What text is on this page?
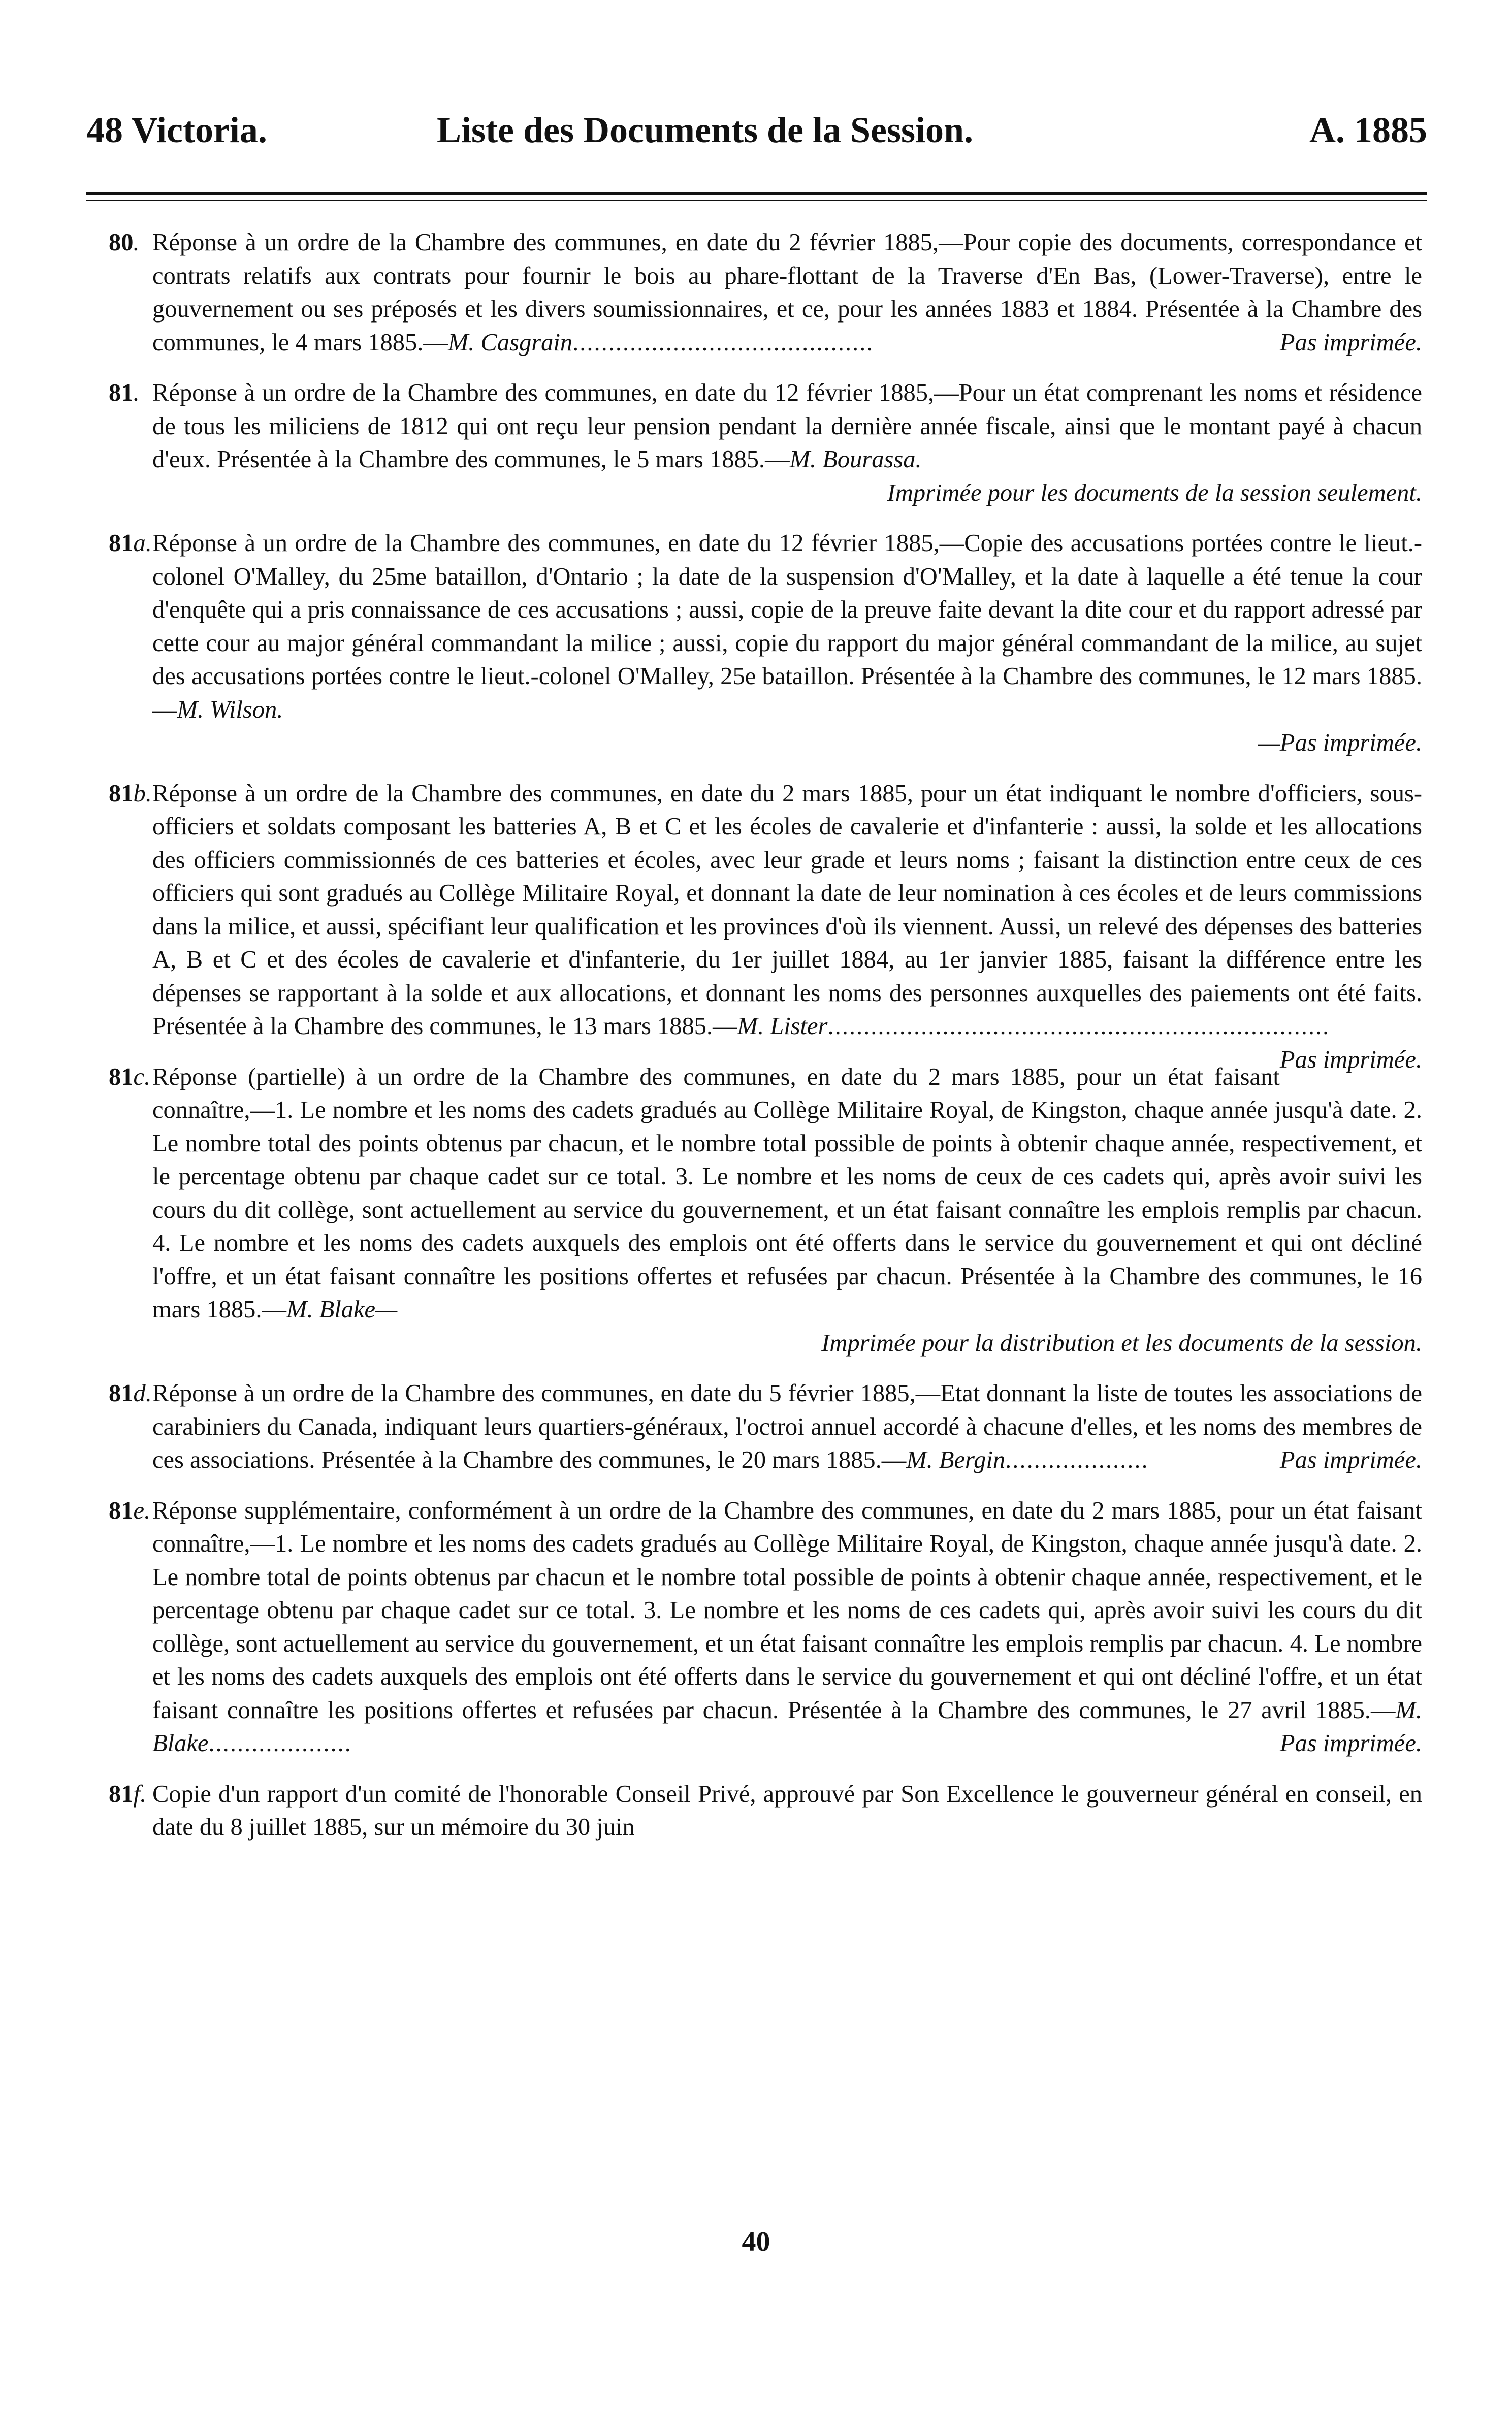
48 Victoria.	Liste des Documents de la Session.	A. 1885
80. Réponse à un ordre de la Chambre des communes, en date du 2 février 1885,—Pour copie des documents, correspondance et contrats relatifs aux contrats pour fournir le bois au phare-flottant de la Traverse d'En Bas, (Lower-Traverse), entre le gouvernement ou ses préposés et les divers soumissionnaires, et ce, pour les années 1883 et 1884. Présentée à la Chambre des communes, le 4 mars 1885.—M. Casgrain..........................................	Pas imprimée.
81. Réponse à un ordre de la Chambre des communes, en date du 12 février 1885,—Pour un état comprenant les noms et résidence de tous les miliciens de 1812 qui ont reçu leur pension pendant la dernière année fiscale, ainsi que le montant payé à chacun d'eux. Présentée à la Chambre des communes, le 5 mars 1885.—M. Bourassa.
Imprimée pour les documents de la session seulement.
81a. Réponse à un ordre de la Chambre des communes, en date du 12 février 1885,—Copie des accusations portées contre le lieut.-colonel O'Malley, du 25me bataillon, d'Ontario ; la date de la suspension d'O'Malley, et la date à laquelle a été tenue la cour d'enquête qui a pris connaissance de ces accusations ; aussi, copie de la preuve faite devant la dite cour et du rapport adressé par cette cour au major général commandant la milice ; aussi, copie du rapport du major général commandant de la milice, au sujet des accusations portées contre le lieut.-colonel O'Malley, 25e bataillon. Présentée à la Chambre des communes, le 12 mars 1885.—M. Wilson.
—Pas imprimée.
81b. Réponse à un ordre de la Chambre des communes, en date du 2 mars 1885, pour un état indiquant le nombre d'officiers, sous-officiers et soldats composant les batteries A, B et C et les écoles de cavalerie et d'infanterie : aussi, la solde et les allocations des officiers commissionnés de ces batteries et écoles, avec leur grade et leurs noms ; faisant la distinction entre ceux de ces officiers qui sont gradués au Collège Militaire Royal, et donnant la date de leur nomination à ces écoles et de leurs commissions dans la milice, et aussi, spécifiant leur qualification et les provinces d'où ils viennent. Aussi, un relevé des dépenses des batteries A, B et C et des écoles de cavalerie et d'infanterie, du 1er juillet 1884, au 1er janvier 1885, faisant la différence entre les dépenses se rapportant à la solde et aux allocations, et donnant les noms des personnes auxquelles des paiements ont été faits. Présentée à la Chambre des communes, le 13 mars 1885.—M. Lister......................................................................
Pas imprimée.
81c. Réponse (partielle) à un ordre de la Chambre des communes, en date du 2 mars 1885, pour un état faisant connaître,—1. Le nombre et les noms des cadets gradués au Collège Militaire Royal, de Kingston, chaque année jusqu'à date. 2. Le nombre total des points obtenus par chacun, et le nombre total possible de points à obtenir chaque année, respectivement, et le percentage obtenu par chaque cadet sur ce total. 3. Le nombre et les noms de ceux de ces cadets qui, après avoir suivi les cours du dit collège, sont actuellement au service du gouvernement, et un état faisant connaître les emplois remplis par chacun. 4. Le nombre et les noms des cadets auxquels des emplois ont été offerts dans le service du gouvernement et qui ont décliné l'offre, et un état faisant connaître les positions offertes et refusées par chacun. Présentée à la Chambre des communes, le 16 mars 1885.—M. Blake—
Imprimée pour la distribution et les documents de la session.
81d. Réponse à un ordre de la Chambre des communes, en date du 5 février 1885,—Etat donnant la liste de toutes les associations de carabiniers du Canada, indiquant leurs quartiers-généraux, l'octroi annuel accordé à chacune d'elles, et les noms des membres de ces associations. Présentée à la Chambre des communes, le 20 mars 1885.—M. Bergin....................	Pas imprimée.
81e. Réponse supplémentaire, conformément à un ordre de la Chambre des communes, en date du 2 mars 1885, pour un état faisant connaître,—1. Le nombre et les noms des cadets gradués au Collège Militaire Royal, de Kingston, chaque année jusqu'à date. 2. Le nombre total de points obtenus par chacun et le nombre total possible de points à obtenir chaque année, respectivement, et le percentage obtenu par chaque cadet sur ce total. 3. Le nombre et les noms de ces cadets qui, après avoir suivi les cours du dit collège, sont actuellement au service du gouvernement, et un état faisant connaître les emplois remplis par chacun. 4. Le nombre et les noms des cadets auxquels des emplois ont été offerts dans le service du gouvernement et qui ont décliné l'offre, et un état faisant connaître les positions offertes et refusées par chacun. Présentée à la Chambre des communes, le 27 avril 1885.—M. Blake....................	Pas imprimée.
81f. Copie d'un rapport d'un comité de l'honorable Conseil Privé, approuvé par Son Excellence le gouverneur général en conseil, en date du 8 juillet 1885, sur un mémoire du 30 juin
40
